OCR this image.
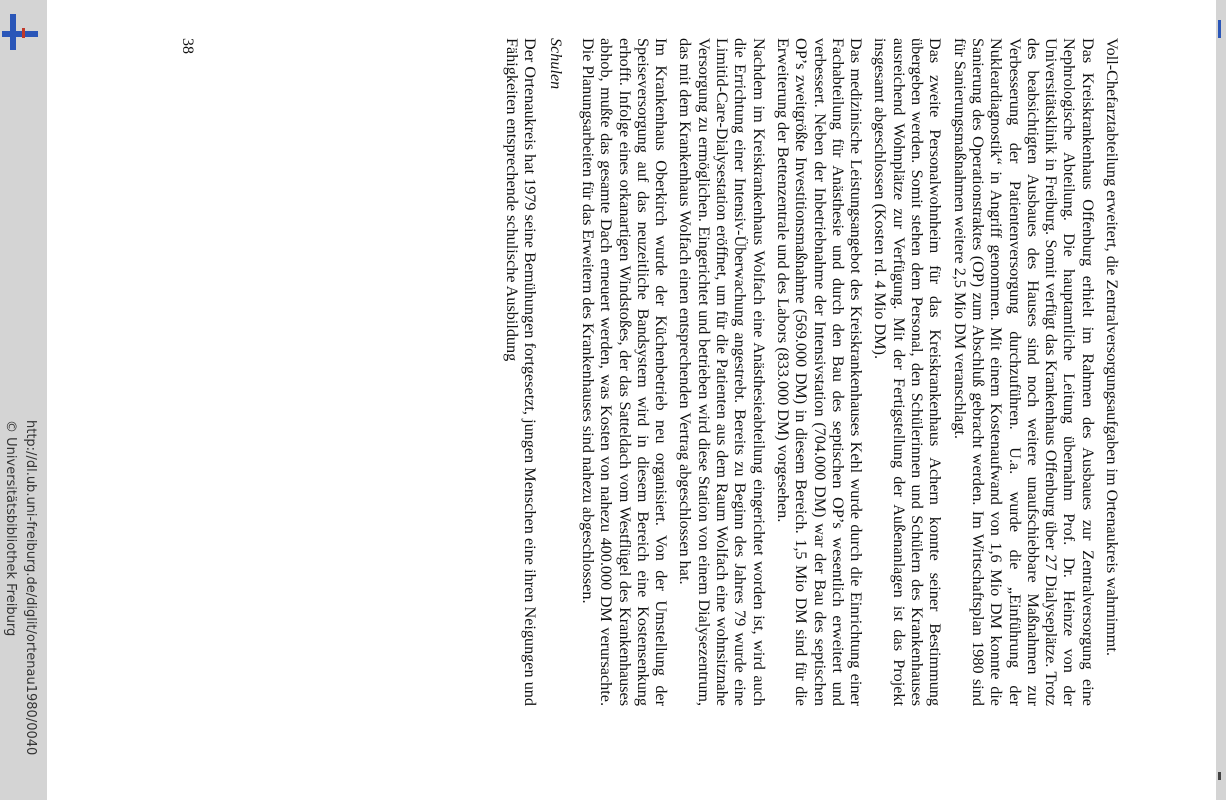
Voll-Chefarztabteilung erweitert, die Zentralversorgungsaufgaben im Ortenaukreis wahrnimmt.

Das Kreiskrankenhaus Offenburg erhielt im Rahmen des Ausbaues zur Zentralversorgung eine Nephrologische Abteilung. Die hauptamtliche Leitung übernahm Prof. Dr. Heinze von der Universitätsklinik in Freiburg. Somit verfügt das Krankenhaus Offenburg über 27 Dialyseplätze. Trotz des beabsichtigten Ausbaues des Hauses sind noch weitere unaufschiebbare Maßnahmen zur Verbesserung der Patientenversorgung durchzuführen. U.a. wurde die „Einführung der Nukleardiagnostik“ in Angriff genommen. Mit einem Kostenaufwand von 1,6 Mio DM konnte die Sanierung des Operationstraktes (OP) zum Abschluß gebracht werden. Im Wirtschaftsplan 1980 sind für Sanierungsmaßnahmen weitere 2,5 Mio DM veranschlagt.

Das zweite Personalwohnheim für das Kreiskrankenhaus Achern konnte seiner Bestimmung übergeben werden. Somit stehen dem Personal, den Schülerinnen und Schülern des Krankenhauses ausreichend Wohnplätze zur Verfügung. Mit der Fertigstellung der Außenanlagen ist das Projekt insgesamt abgeschlossen (Kosten rd. 4 Mio DM).

Das medizinische Leistungsangebot des Kreiskrankenhauses Kehl wurde durch die Einrichtung einer Fachabteilung für Anästhesie und durch den Bau des septischen OP’s wesentlich erweitert und verbessert. Neben der Inbetriebnahme der Intensivstation (704.000 DM) war der Bau des septischen OP’s zweitgrößte Investitionsmaßnahme (569.000 DM) in diesem Bereich. 1,5 Mio DM sind für die Erweiterung der Bettenzentrale und des Labors (833.000 DM) vorgesehen.

Nachdem im Kreiskrankenhaus Wolfach eine Anästhesieabteilung eingerichtet worden ist, wird auch die Errichtung einer Intensiv-Überwachung angestrebt. Bereits zu Beginn des Jahres 79 wurde eine Limitid-Care-Dialysestation eröffnet, um für die Patienten aus dem Raum Wolfach eine wohnsitznahe Versorgung zu ermöglichen. Eingerichtet und betrieben wird diese Station von einem Dialysezentrum, das mit dem Krankenhaus Wolfach einen entsprechenden Vertrag abgeschlossen hat.

Im Krankenhaus Oberkirch wurde der Küchenbetrieb neu organisiert. Von der Umstellung der Speiseversorgung auf das neuzeitliche Bandsystem wird in diesem Bereich eine Kostensenkung erhofft. Infolge eines orkanartigen Windstoßes, der das Satteldach vom Westflügel des Krankenhauses abhob, mußte das gesamte Dach erneuert werden, was Kosten von nahezu 400.000 DM verursachte. Die Planungsarbeiten für das Erweitern des Krankenhauses sind nahezu abgeschlossen.

Schulen

Der Ortenaukreis hat 1979 seine Bemühungen fortgesetzt, jungen Menschen eine ihren Neigungen und Fähigkeiten entsprechende schulische Ausbildung

38
http://dl.ub.uni-freiburg.de/diglit/ortenau1980/0040
© Universitätsbibliothek Freiburg
